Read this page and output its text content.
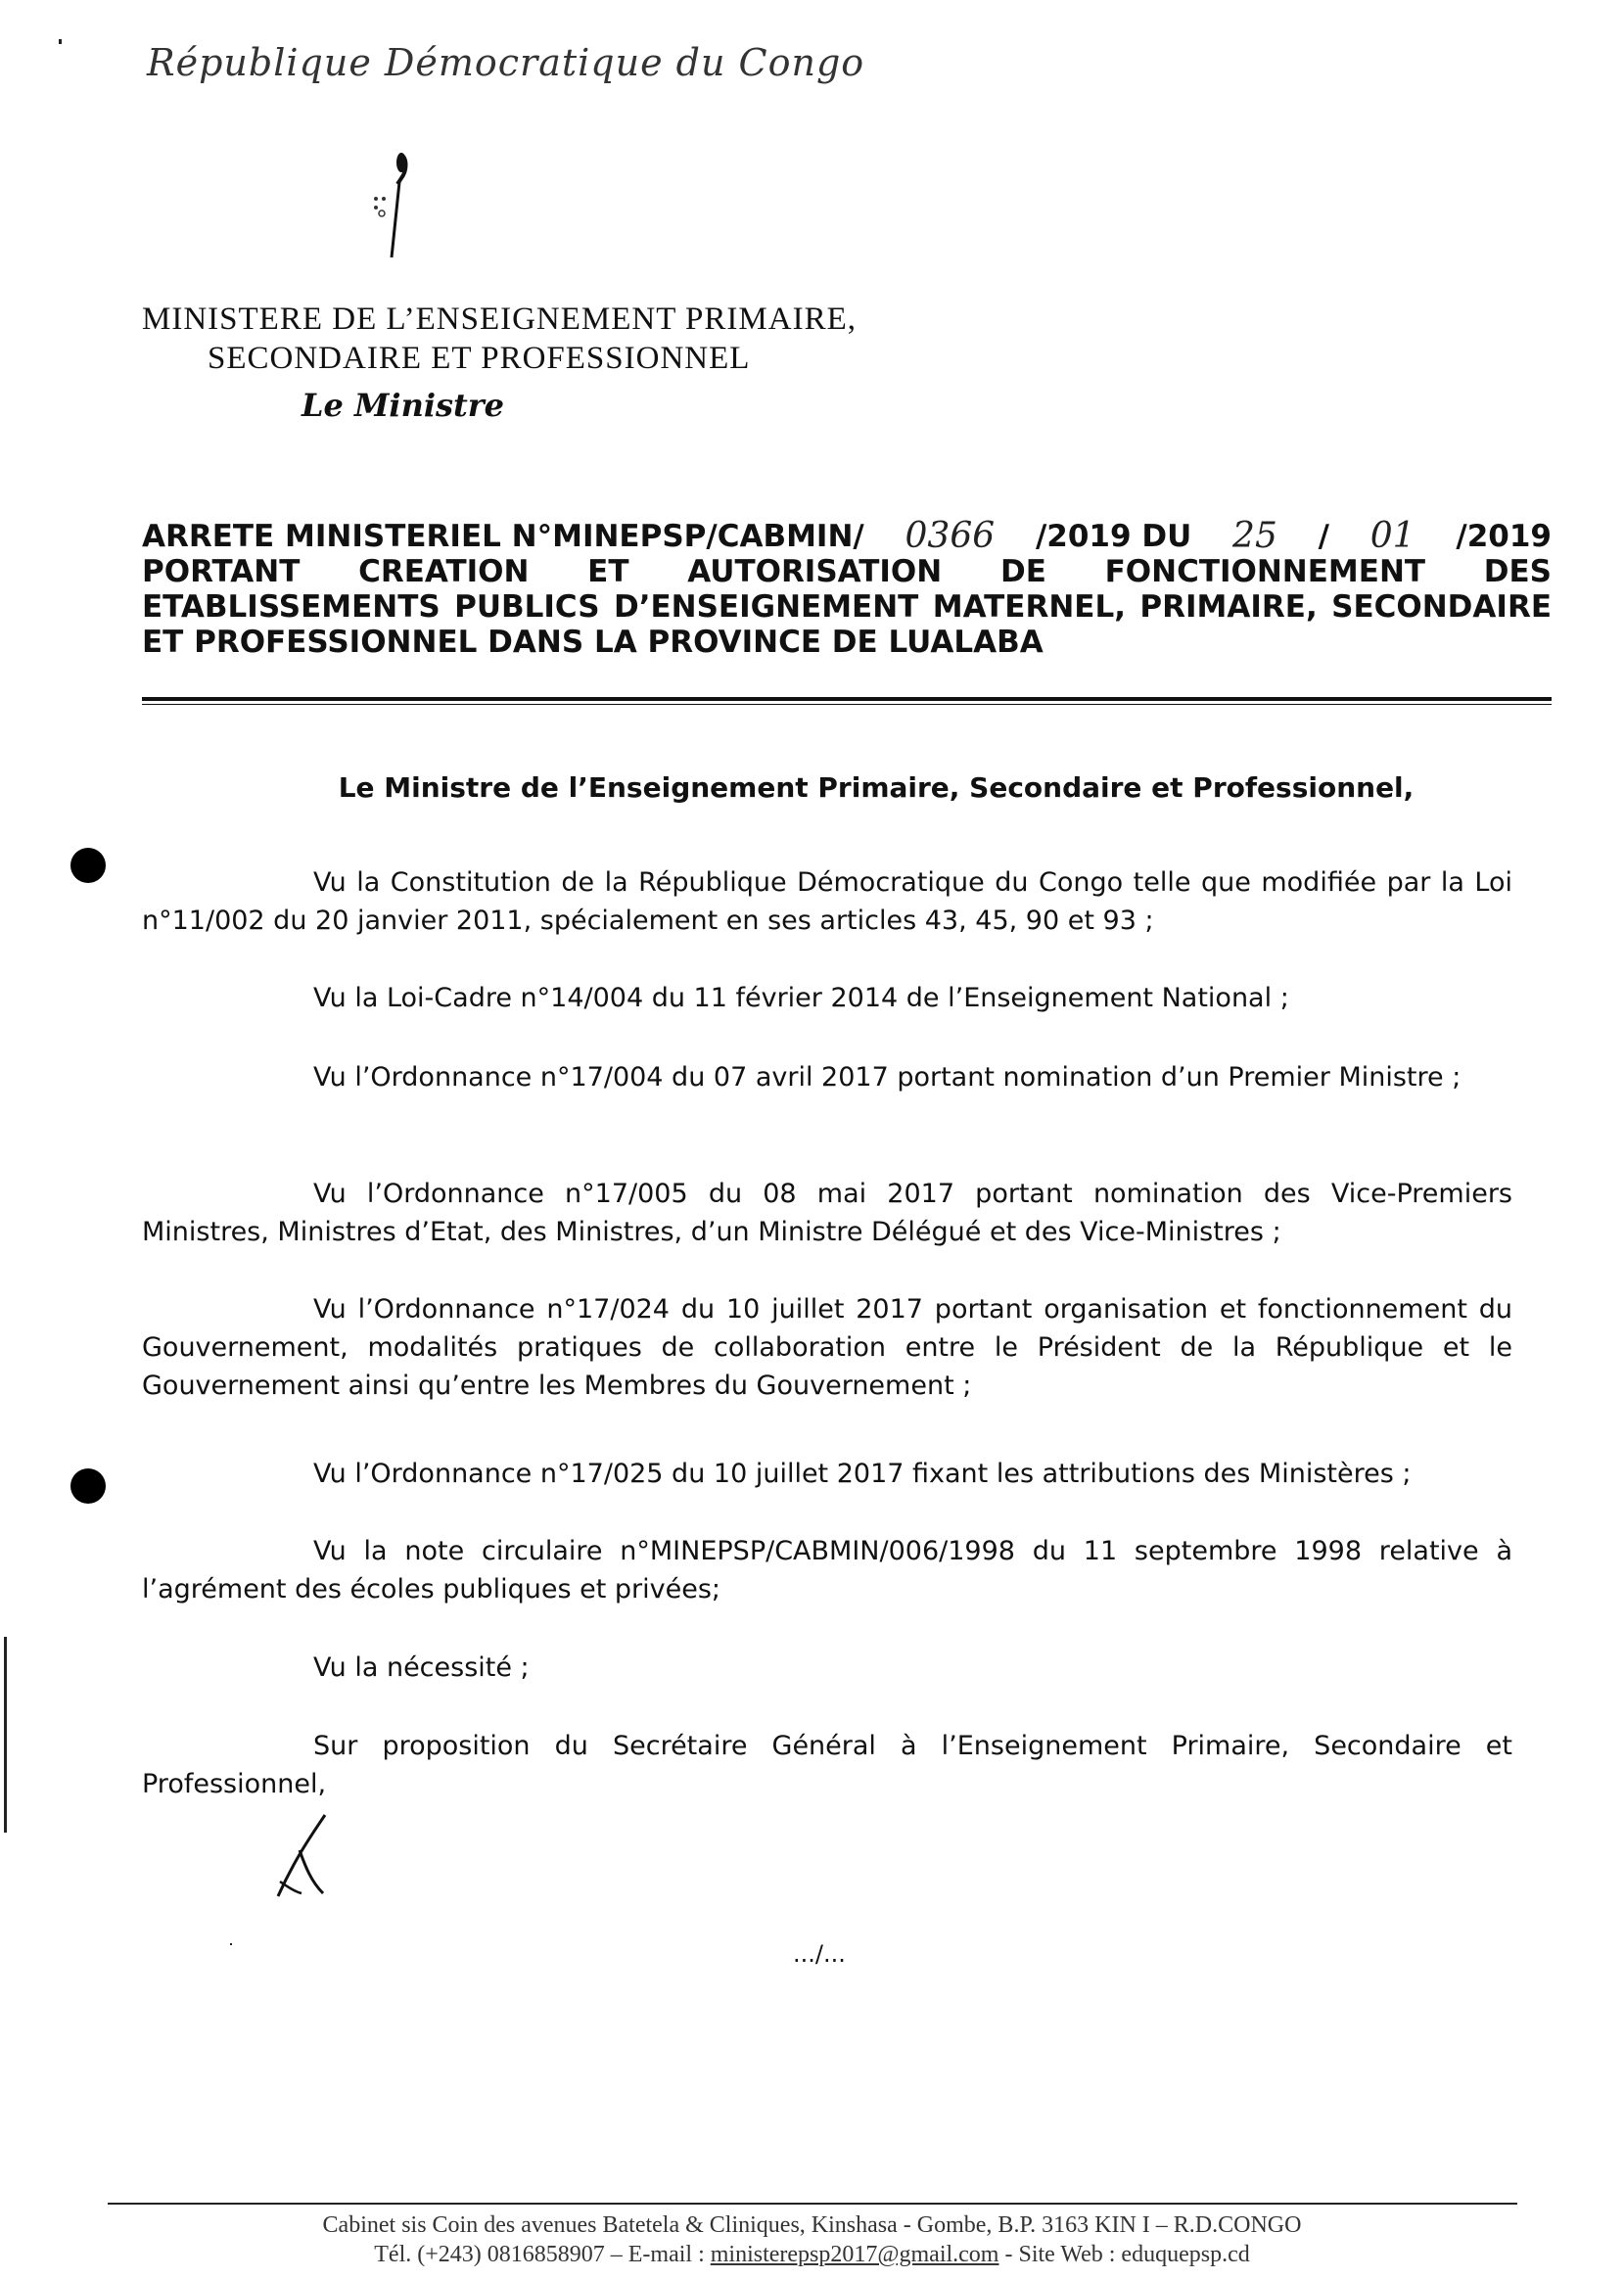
République Démocratique du Congo
MINISTERE DE L’ENSEIGNEMENT PRIMAIRE,
SECONDAIRE ET PROFESSIONNEL
Le Ministre
ARRETE MINISTERIEL N°MINEPSP/CABMIN/ 0366 /2019 DU 25 / 01 /2019
PORTANT CREATION ET AUTORISATION DE FONCTIONNEMENT DES ETABLISSEMENTS PUBLICS D’ENSEIGNEMENT MATERNEL, PRIMAIRE, SECONDAIRE ET PROFESSIONNEL DANS LA PROVINCE DE LUALABA
Le Ministre de l’Enseignement Primaire, Secondaire et Professionnel,

Vu la Constitution de la République Démocratique du Congo telle que modifiée par la Loi n°11/002 du 20 janvier 2011, spécialement en ses articles 43, 45, 90 et 93 ;

Vu la Loi-Cadre n°14/004 du 11 février 2014 de l’Enseignement National ;

Vu l’Ordonnance n°17/004 du 07 avril 2017 portant nomination d’un Premier Ministre ;

Vu l’Ordonnance n°17/005 du 08 mai 2017 portant nomination des Vice-Premiers Ministres, Ministres d’Etat, des Ministres, d’un Ministre Délégué et des Vice-Ministres ;

Vu l’Ordonnance n°17/024 du 10 juillet 2017 portant organisation et fonctionnement du Gouvernement, modalités pratiques de collaboration entre le Président de la République et le Gouvernement ainsi qu’entre les Membres du Gouvernement ;

Vu l’Ordonnance n°17/025 du 10 juillet 2017 fixant les attributions des Ministères ;

Vu la note circulaire n°MINEPSP/CABMIN/006/1998 du 11 septembre 1998 relative à l’agrément des écoles publiques et privées;

Vu la nécessité ;

Sur proposition du Secrétaire Général à l’Enseignement Primaire, Secondaire et Professionnel,

.../...
Cabinet sis Coin des avenues Batetela & Cliniques, Kinshasa - Gombe, B.P. 3163 KIN I – R.D.CONGO
Tél. (+243) 0816858907 – E-mail : ministerepsp2017@gmail.com - Site Web : eduquepsp.cd
